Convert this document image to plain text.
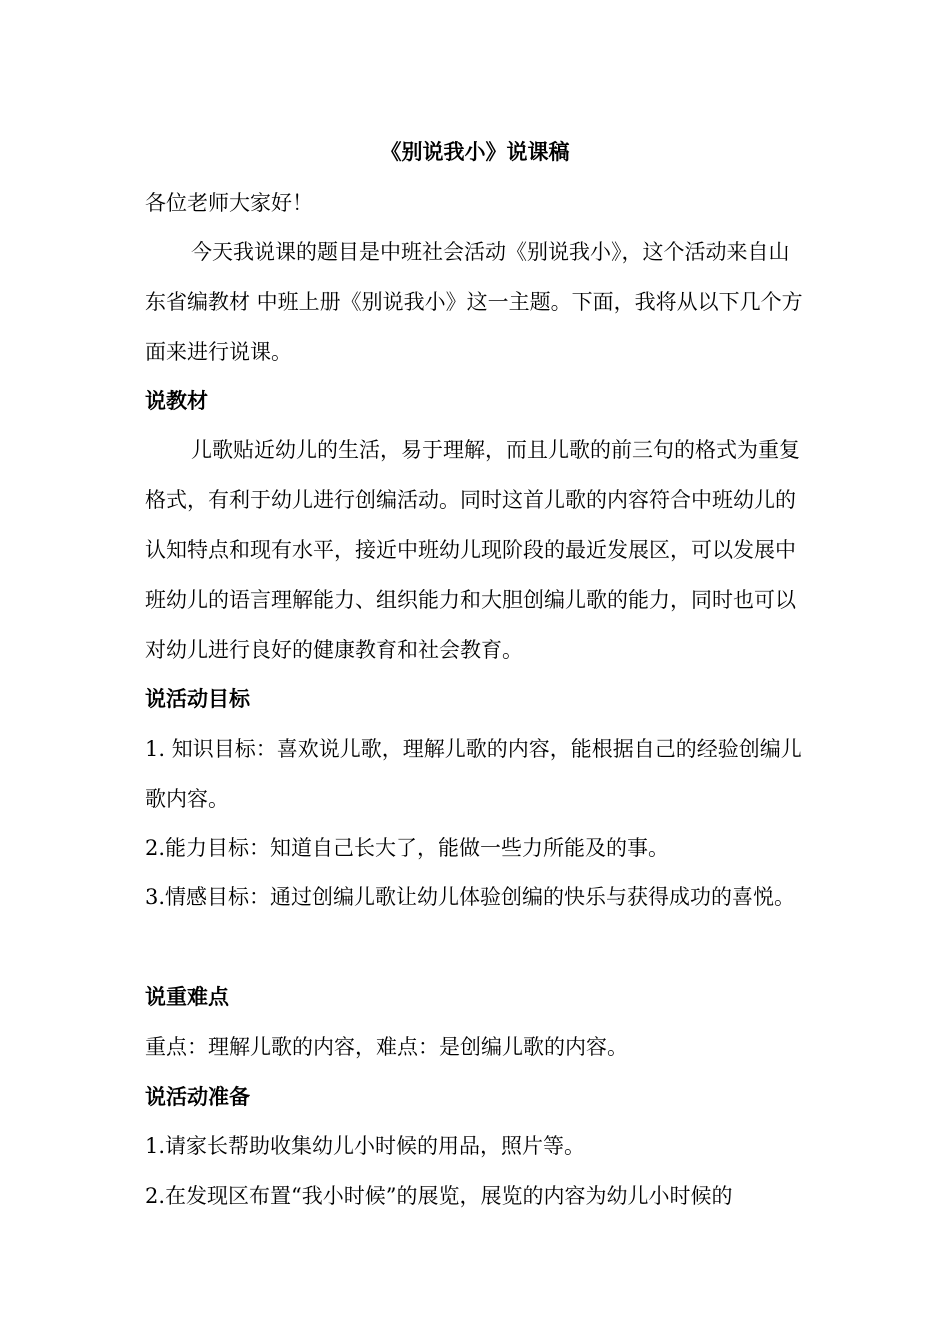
《别说我小》说课稿

各位老师大家好！

今天我说课的题目是中班社会活动《别说我小》，这个活动来自山东省编教材 中班上册《别说我小》这一主题。下面，我将从以下几个方面来进行说课。

说教材

儿歌贴近幼儿的生活，易于理解，而且儿歌的前三句的格式为重复格式，有利于幼儿进行创编活动。同时这首儿歌的内容符合中班幼儿的认知特点和现有水平，接近中班幼儿现阶段的最近发展区，可以发展中班幼儿的语言理解能力、组织能力和大胆创编儿歌的能力，同时也可以对幼儿进行良好的健康教育和社会教育。

说活动目标

1. 知识目标：喜欢说儿歌，理解儿歌的内容，能根据自己的经验创编儿歌内容。

2.能力目标：知道自己长大了，能做一些力所能及的事。

3.情感目标：通过创编儿歌让幼儿体验创编的快乐与获得成功的喜悦。

说重难点

重点：理解儿歌的内容，难点：是创编儿歌的内容。

说活动准备

1.请家长帮助收集幼儿小时候的用品，照片等。

2.在发现区布置“我小时候”的展览，展览的内容为幼儿小时候的
